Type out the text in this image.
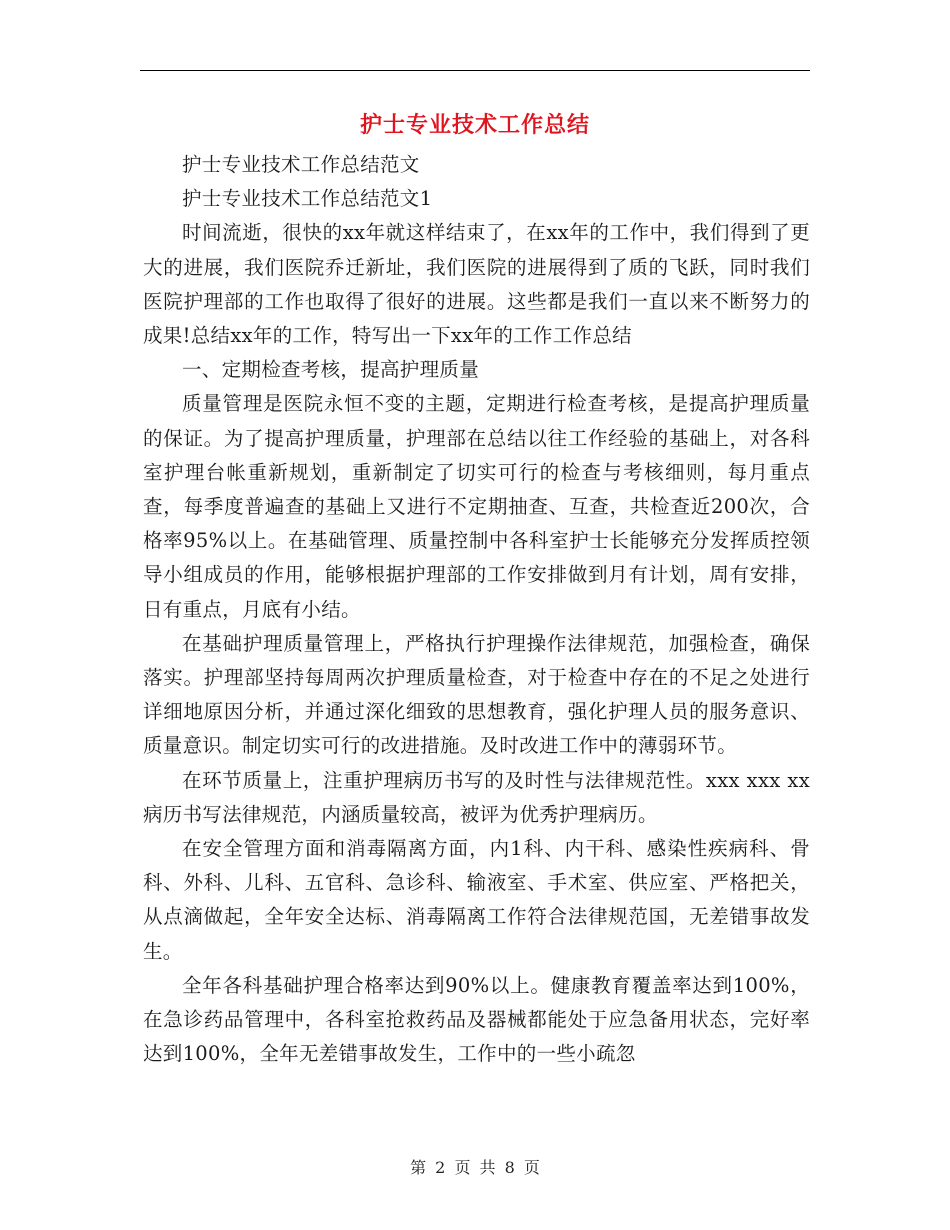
护士专业技术工作总结

护士专业技术工作总结范文

护士专业技术工作总结范文1

时间流逝，很快的xx年就这样结束了，在xx年的工作中，我们得到了更大的进展，我们医院乔迁新址，我们医院的进展得到了质的飞跃，同时我们医院护理部的工作也取得了很好的进展。这些都是我们一直以来不断努力的成果!总结xx年的工作，特写出一下xx年的工作工作总结

一、定期检查考核，提高护理质量

质量管理是医院永恒不变的主题，定期进行检查考核，是提高护理质量的保证。为了提高护理质量，护理部在总结以往工作经验的基础上，对各科室护理台帐重新规划，重新制定了切实可行的检查与考核细则，每月重点查，每季度普遍查的基础上又进行不定期抽查、互查，共检查近200次，合格率95%以上。在基础管理、质量控制中各科室护士长能够充分发挥质控领导小组成员的作用，能够根据护理部的工作安排做到月有计划，周有安排，日有重点，月底有小结。

在基础护理质量管理上，严格执行护理操作法律规范，加强检查，确保落实。护理部坚持每周两次护理质量检查，对于检查中存在的不足之处进行详细地原因分析，并通过深化细致的思想教育，强化护理人员的服务意识、质量意识。制定切实可行的改进措施。及时改进工作中的薄弱环节。

在环节质量上，注重护理病历书写的及时性与法律规范性。xxx xxx xx 病历书写法律规范，内涵质量较高，被评为优秀护理病历。

在安全管理方面和消毒隔离方面，内1科、内干科、感染性疾病科、骨科、外科、儿科、五官科、急诊科、输液室、手术室、供应室、严格把关，从点滴做起，全年安全达标、消毒隔离工作符合法律规范国，无差错事故发生。

全年各科基础护理合格率达到90%以上。健康教育覆盖率达到100%，在急诊药品管理中，各科室抢救药品及器械都能处于应急备用状态，完好率达到100%，全年无差错事故发生，工作中的一些小疏忽

第 2 页 共 8 页
